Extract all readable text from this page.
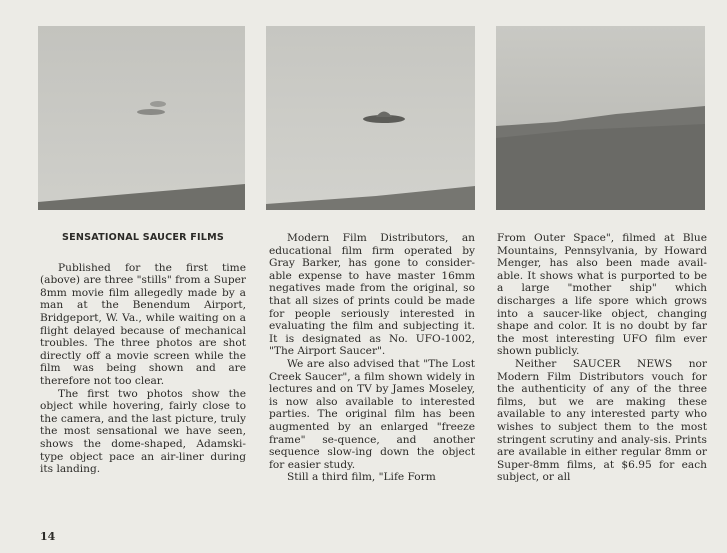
SENSATIONAL SAUCER FILMS

Published for the first time (above) are three "stills" from a Super 8mm movie film allegedly made by a man at the Benendum Airport, Bridgeport, W. Va., while waiting on a flight delayed because of mechanical troubles. The three photos are shot directly off a movie screen while the film was being shown and are therefore not too clear.

The first two photos show the object while hovering, fairly close to the camera, and the last picture, truly the most sensational we have seen, shows the dome-shaped, Adamski-type object pace an air-liner during its landing.

Modern Film Distributors, an educational film firm operated by Gray Barker, has gone to consider-able expense to have master 16mm negatives made from the original, so that all sizes of prints could be made for people seriously interested in evaluating the film and subjecting it. It is designated as No. UFO-1002, "The Airport Saucer".

We are also advised that "The Lost Creek Saucer", a film shown widely in lectures and on TV by James Moseley, is now also available to interested parties. The original film has been augmented by an enlarged "freeze frame" se-quence, and another sequence slow-ing down the object for easier study.

Still a third film, "Life Form

From Outer Space", filmed at Blue Mountains, Pennsylvania, by Howard Menger, has also been made avail-able. It shows what is purported to be a large "mother ship" which discharges a life spore which grows into a saucer-like object, changing shape and color. It is no doubt by far the most interesting UFO film ever shown publicly.

Neither SAUCER NEWS nor Modern Film Distributors vouch for the authenticity of any of the three films, but we are making these available to any interested party who wishes to subject them to the most stringent scrutiny and analy-sis. Prints are available in either regular 8mm or Super-8mm films, at $6.95 for each subject, or all

14
